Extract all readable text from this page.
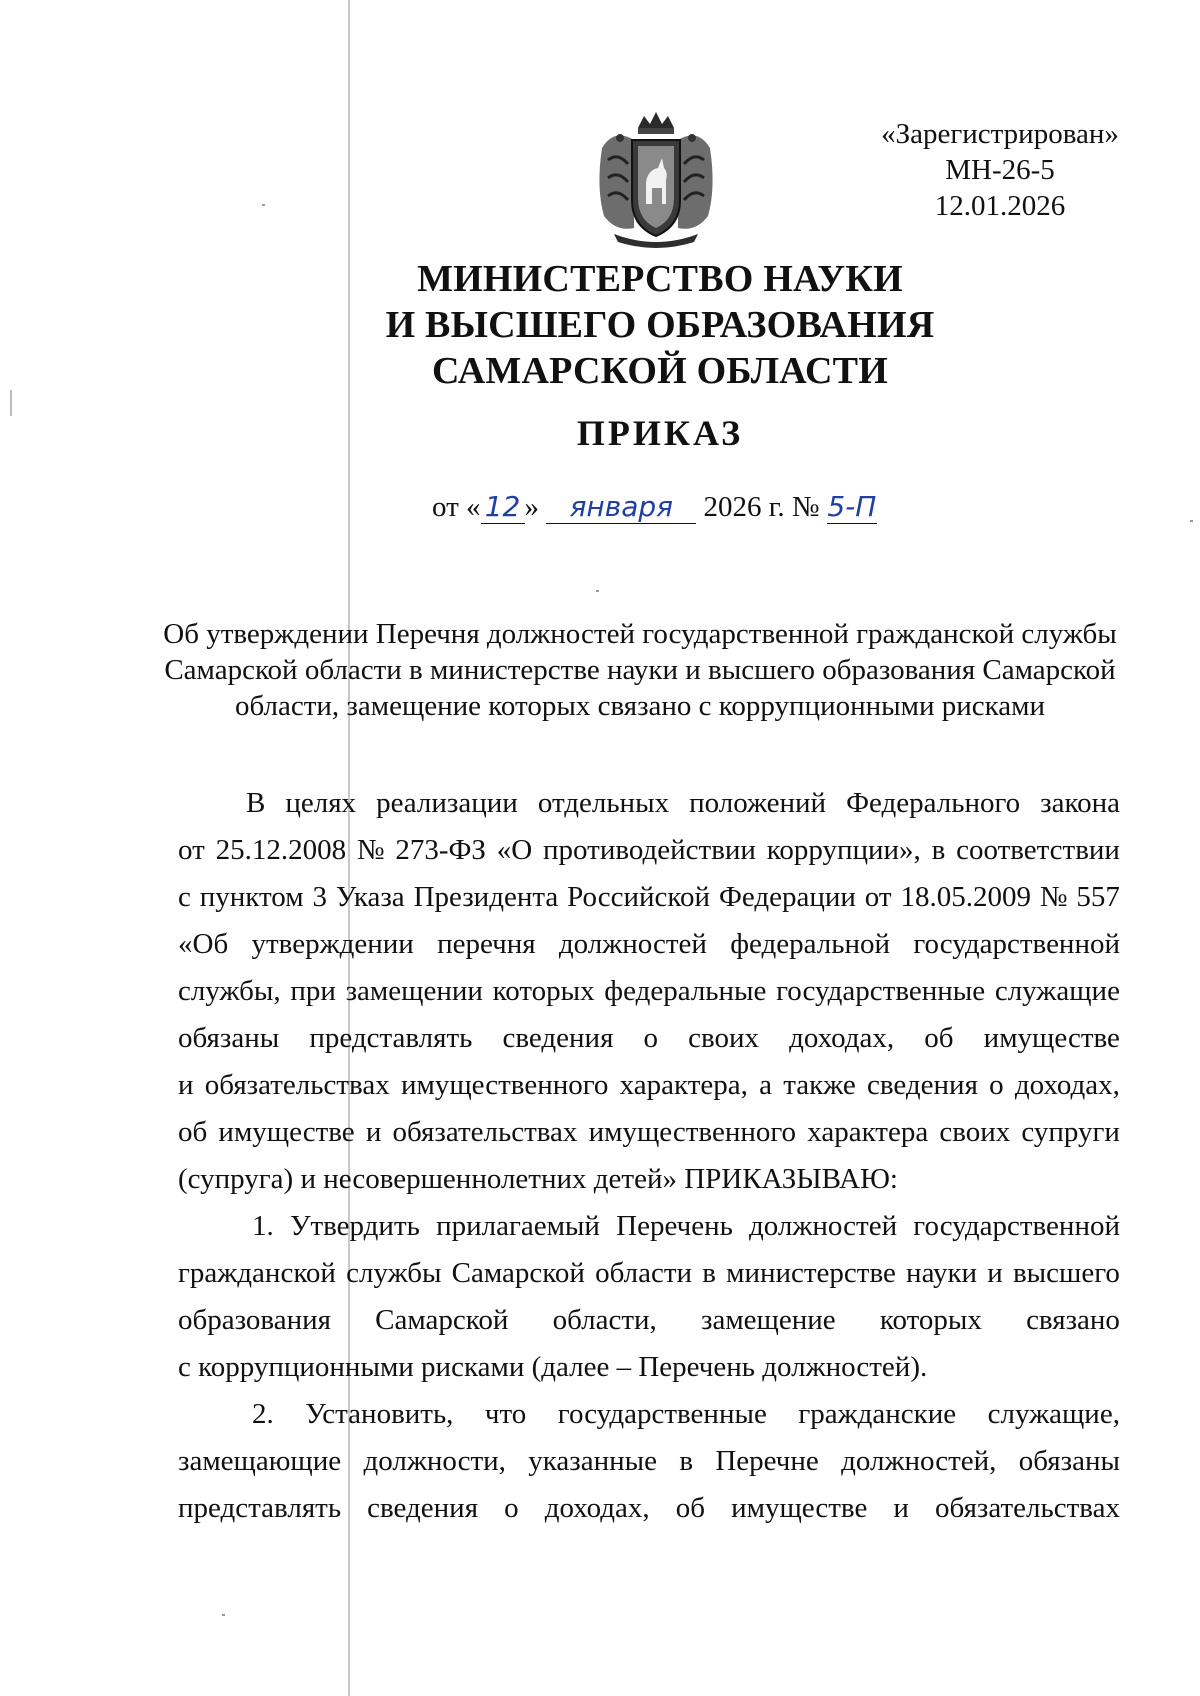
«Зарегистрирован»
МН-26-5
12.01.2026
МИНИСТЕРСТВО НАУКИ
И ВЫСШЕГО ОБРАЗОВАНИЯ
САМАРСКОЙ ОБЛАСТИ
ПРИКАЗ
от « 12 » января 2026 г. № 5-П
Об утверждении Перечня должностей государственной гражданской службы
Самарской области в министерстве науки и высшего образования Самарской
области, замещение которых связано с коррупционными рисками
В целях реализации отдельных положений Федерального закона
от 25.12.2008 № 273-ФЗ «О противодействии коррупции», в соответствии
с пунктом 3 Указа Президента Российской Федерации от 18.05.2009 № 557
«Об утверждении перечня должностей федеральной государственной
службы, при замещении которых федеральные государственные служащие
обязаны представлять сведения о своих доходах, об имуществе
и обязательствах имущественного характера, а также сведения о доходах,
об имуществе и обязательствах имущественного характера своих супруги
(супруга) и несовершеннолетних детей» ПРИКАЗЫВАЮ:
1. Утвердить прилагаемый Перечень должностей государственной
гражданской службы Самарской области в министерстве науки и высшего
образования Самарской области, замещение которых связано
с коррупционными рисками (далее – Перечень должностей).
2. Установить, что государственные гражданские служащие,
замещающие должности, указанные в Перечне должностей, обязаны
представлять сведения о доходах, об имуществе и обязательствах
